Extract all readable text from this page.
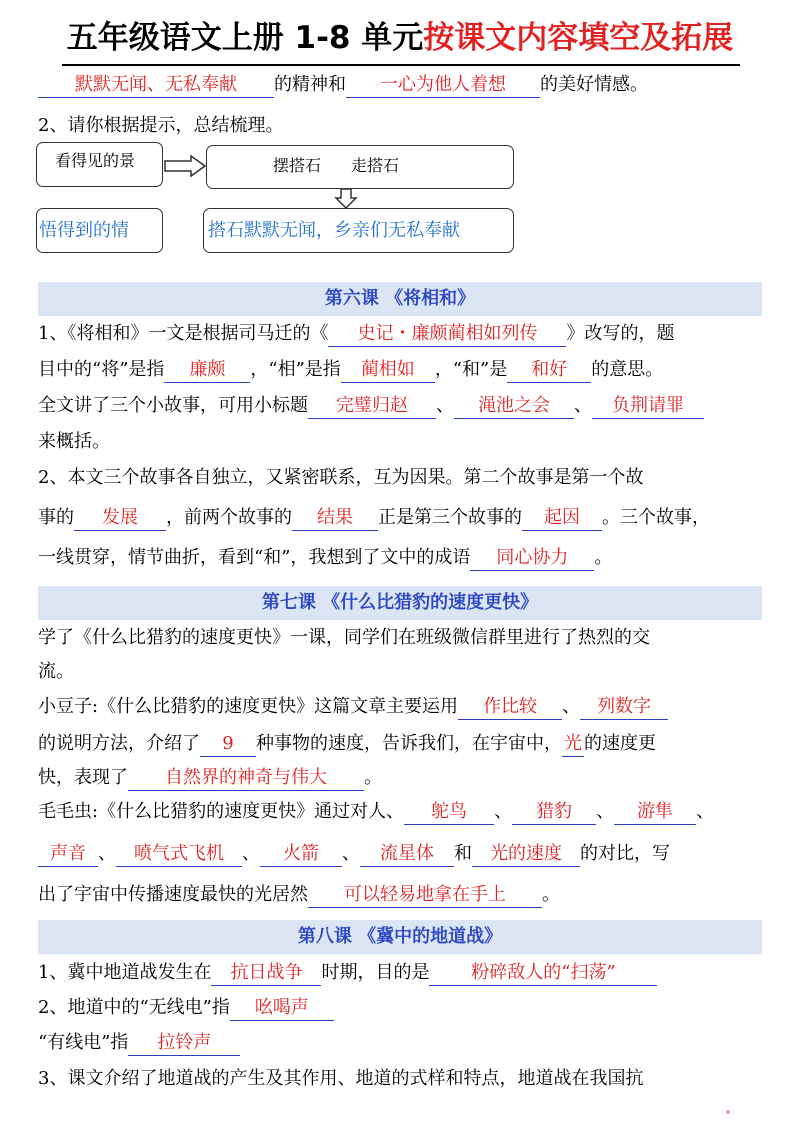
五年级语文上册 1-8 单元按课文内容填空及拓展
默默无闻、无私奉献 的精神和 一心为他人着想 的美好情感。
2、请你根据提示，总结梳理。
看得见的景	摆搭石 走搭石
悟得到的情	搭石默默无闻，乡亲们无私奉献
第六课 《将相和》
1、《将相和》一文是根据司马迁的《 史记・廉颇蔺相如列传 》改写的，题
目中的“将”是指 廉颇 ，“相”是指 蔺相如 ，“和”是 和好 的意思。
全文讲了三个小故事，可用小标题 完璧归赵 、 渑池之会 、 负荆请罪
来概括。
2、本文三个故事各自独立，又紧密联系，互为因果。第二个故事是第一个故
事的 发展 ，前两个故事的 结果 正是第三个故事的 起因 。三个故事，
一线贯穿，情节曲折，看到“和”，我想到了文中的成语 同心协力 。
第七课 《什么比猎豹的速度更快》
学了《什么比猎豹的速度更快》一课，同学们在班级微信群里进行了热烈的交
流。
小豆子:《什么比猎豹的速度更快》这篇文章主要运用 作比较 、 列数字
的说明方法，介绍了 9 种事物的速度，告诉我们，在宇宙中， 光 的速度更
快，表现了 自然界的神奇与伟大 。
毛毛虫:《什么比猎豹的速度更快》通过对人、 鸵鸟 、 猎豹 、 游隼 、
声音 、 喷气式飞机 、 火箭 、 流星体 和 光的速度 的对比，写
出了宇宙中传播速度最快的光居然 可以轻易地拿在手上 。
第八课 《冀中的地道战》
1、冀中地道战发生在 抗日战争 时期，目的是 粉碎敌人的“扫荡”
2、地道中的“无线电”指 吆喝声
“有线电”指 拉铃声
3、课文介绍了地道战的产生及其作用、地道的式样和特点，地道战在我国抗
